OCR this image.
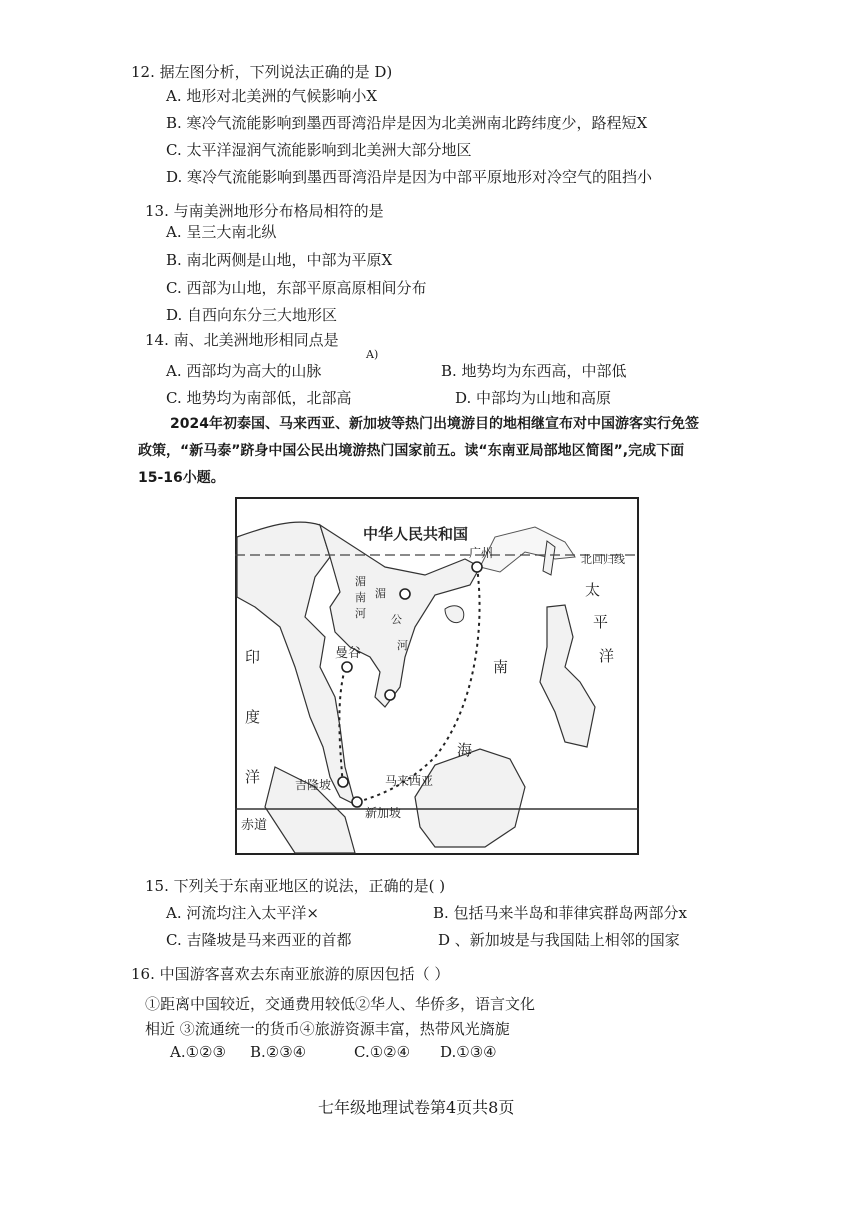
12. 据左图分析，下列说法正确的是 D)
A. 地形对北美洲的气候影响小X
B. 寒冷气流能影响到墨西哥湾沿岸是因为北美洲南北跨纬度少，路程短X
C. 太平洋湿润气流能影响到北美洲大部分地区
D. 寒冷气流能影响到墨西哥湾沿岸是因为中部平原地形对冷空气的阻挡小
13. 与南美洲地形分布格局相符的是
A. 呈三大南北纵
B. 南北两侧是山地，中部为平原X
C. 西部为山地，东部平原高原相间分布
D. 自西向东分三大地形区
14. 南、北美洲地形相同点是
A)
A. 西部均为高大的山脉	B. 地势均为东西高，中部低
C. 地势均为南部低，北部高	D. 中部均为山地和高原
2024年初泰国、马来西亚、新加坡等热门出境游目的地相继宣布对中国游客实行免签
政策，“新马泰”跻身中国公民出境游热门国家前五。读“东南亚局部地区简图”,完成下面
15-16小题。
中华人民共和国
广州	北回归线
太
平
洋
印
度
洋
南
海
曼谷
吉隆坡
新加坡
马来西亚
赤道
湄
南
河
湄
公
河
15. 下列关于东南亚地区的说法，正确的是( )
A. 河流均注入太平洋×	B. 包括马来半岛和菲律宾群岛两部分x
C. 吉隆坡是马来西亚的首都	D 、新加坡是与我国陆上相邻的国家
16. 中国游客喜欢去东南亚旅游的原因包括（ ）
①距离中国较近，交通费用较低②华人、华侨多，语言文化
相近 ③流通统一的货币④旅游资源丰富，热带风光旖旎
A.①②③ B.②③④	C.①②④ D.①③④
七年级地理试卷第4页共8页
